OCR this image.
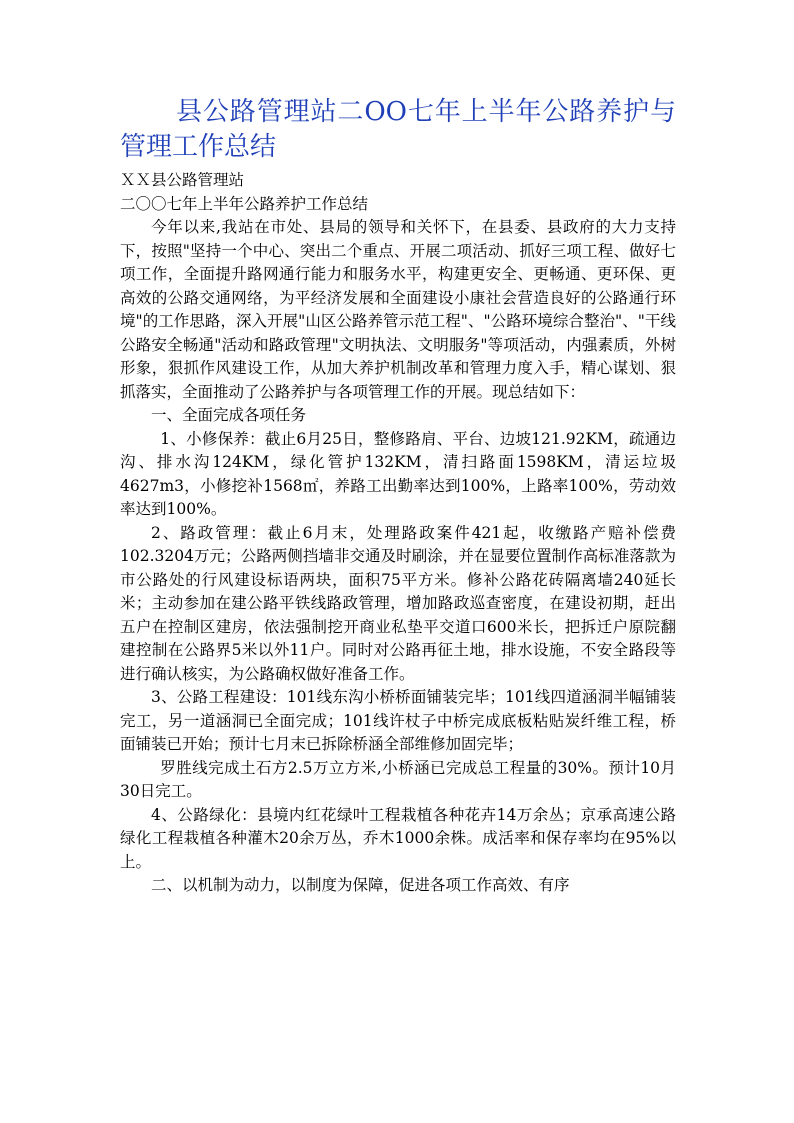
县公路管理站二OO七年上半年公路养护与管理工作总结

ＸＸ县公路管理站

二〇〇七年上半年公路养护工作总结

今年以来,我站在市处、县局的领导和关怀下，在县委、县政府的大力支持下，按照"坚持一个中心、突出二个重点、开展二项活动、抓好三项工程、做好七项工作，全面提升路网通行能力和服务水平，构建更安全、更畅通、更环保、更高效的公路交通网络，为平经济发展和全面建设小康社会营造良好的公路通行环境"的工作思路，深入开展"山区公路养管示范工程"、"公路环境综合整治"、"干线公路安全畅通"活动和路政管理"文明执法、文明服务"等项活动，内强素质，外树形象，狠抓作风建设工作，从加大养护机制改革和管理力度入手，精心谋划、狠抓落实，全面推动了公路养护与各项管理工作的开展。现总结如下：

一、全面完成各项任务

1、小修保养：截止6月25日，整修路肩、平台、边坡121.92KM，疏通边沟、排水沟124KM，绿化管护132KM，清扫路面1598KM，清运垃圾4627m3，小修挖补1568㎡，养路工出勤率达到100%，上路率100%，劳动效率达到100%。

2、路政管理：截止6月末，处理路政案件421起，收缴路产赔补偿费102.3204万元；公路两侧挡墙非交通及时刷涂，并在显要位置制作高标准落款为市公路处的行风建设标语两块，面积75平方米。修补公路花砖隔离墙240延长米；主动参加在建公路平铁线路政管理，增加路政巡查密度，在建设初期，赶出五户在控制区建房，依法强制挖开商业私垫平交道口600米长，把拆迁户原院翻建控制在公路界5米以外11户。同时对公路再征土地，排水设施，不安全路段等进行确认核实，为公路确权做好准备工作。

3、公路工程建设：101线东沟小桥桥面铺装完毕；101线四道涵洞半幅铺装完工，另一道涵洞已全面完成；101线许杖子中桥完成底板粘贴炭纤维工程，桥面铺装已开始；预计七月末已拆除桥涵全部维修加固完毕；

罗胜线完成土石方2.5万立方米,小桥涵已完成总工程量的30%。预计10月30日完工。

4、公路绿化：县境内红花绿叶工程栽植各种花卉14万余丛；京承高速公路绿化工程栽植各种灌木20余万丛，乔木1000余株。成活率和保存率均在95%以上。

二、以机制为动力，以制度为保障，促进各项工作高效、有序
